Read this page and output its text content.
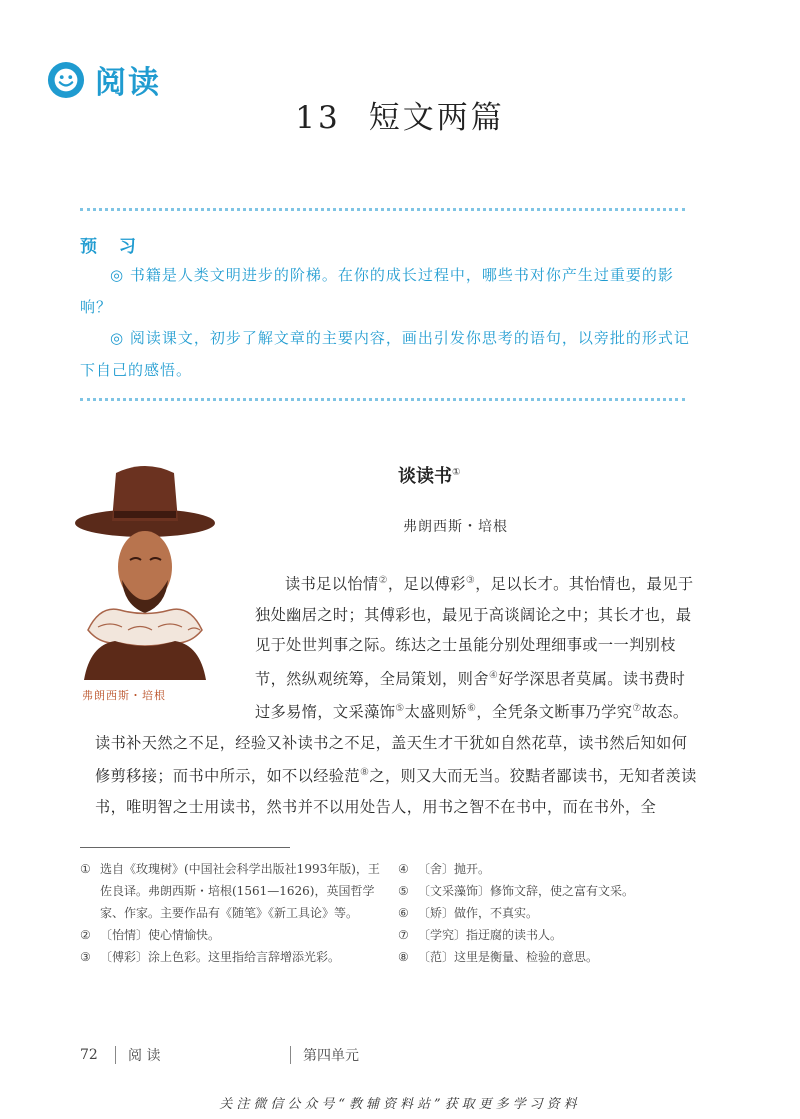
阅读
13 短文两篇
预 习
◎ 书籍是人类文明进步的阶梯。在你的成长过程中，哪些书对你产生过重要的影响？
◎ 阅读课文，初步了解文章的主要内容，画出引发你思考的语句，以旁批的形式记下自己的感悟。
弗朗西斯・培根
谈读书①
弗朗西斯・培根

读书足以怡情②，足以傅彩③，足以长才。其怡情也，最见于独处幽居之时；其傅彩也，最见于高谈阔论之中；其长才也，最见于处世判事之际。练达之士虽能分别处理细事或一一判别枝节，然纵观统筹，全局策划，则舍④好学深思者莫属。读书费时过多易惰，文采藻饰⑤太盛则矫⑥，全凭条文断事乃学究⑦故态。读书补天然之不足，经验又补读书之不足，盖天生才干犹如自然花草，读书然后知如何修剪移接；而书中所示，如不以经验范⑧之，则又大而无当。狡黠者鄙读书，无知者羡读书，唯明智之士用读书，然书并不以用处告人，用书之智不在书中，而在书外，全

① 选自《玫瑰树》(中国社会科学出版社1993年版)，王佐良译。弗朗西斯・培根(1561—1626)，英国哲学家、作家。主要作品有《随笔》《新工具论》等。
② 〔怡情〕使心情愉快。
③ 〔傅彩〕涂上色彩。这里指给言辞增添光彩。
④ 〔舍〕抛开。
⑤ 〔文采藻饰〕修饰文辞，使之富有文采。
⑥ 〔矫〕做作，不真实。
⑦ 〔学究〕指迂腐的读书人。
⑧ 〔范〕这里是衡量、检验的意思。
72	阅 读	第四单元
关注微信公众号“教辅资料站”获取更多学习资料
